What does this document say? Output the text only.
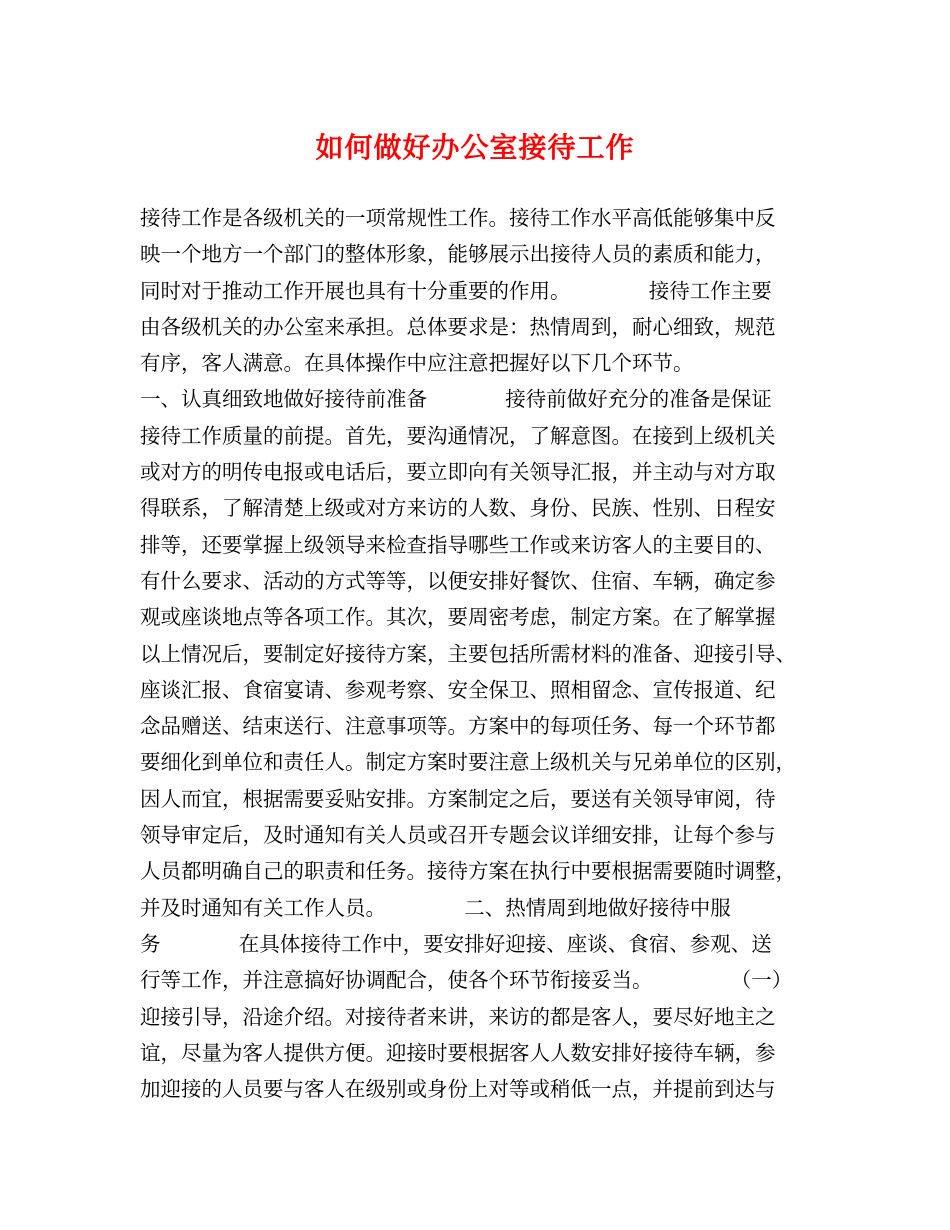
如何做好办公室接待工作
接待工作是各级机关的一项常规性工作。接待工作水平高低能够集中反
映一个地方一个部门的整体形象，能够展示出接待人员的素质和能力，
同时对于推动工作开展也具有十分重要的作用。            接待工作主要
由各级机关的办公室来承担。总体要求是：热情周到，耐心细致，规范
有序，客人满意。在具体操作中应注意把握好以下几个环节。
一、认真细致地做好接待前准备            接待前做好充分的准备是保证
接待工作质量的前提。首先，要沟通情况，了解意图。在接到上级机关
或对方的明传电报或电话后，要立即向有关领导汇报，并主动与对方取
得联系，了解清楚上级或对方来访的人数、身份、民族、性别、日程安
排等，还要掌握上级领导来检查指导哪些工作或来访客人的主要目的、
有什么要求、活动的方式等等，以便安排好餐饮、住宿、车辆，确定参
观或座谈地点等各项工作。其次，要周密考虑，制定方案。在了解掌握
以上情况后，要制定好接待方案，主要包括所需材料的准备、迎接引导、
座谈汇报、食宿宴请、参观考察、安全保卫、照相留念、宣传报道、纪
念品赠送、结束送行、注意事项等。方案中的每项任务、每一个环节都
要细化到单位和责任人。制定方案时要注意上级机关与兄弟单位的区别，
因人而宜，根据需要妥贴安排。方案制定之后，要送有关领导审阅，待
领导审定后，及时通知有关人员或召开专题会议详细安排，让每个参与
人员都明确自己的职责和任务。接待方案在执行中要根据需要随时调整，
并及时通知有关工作人员。            二、热情周到地做好接待中服
务            在具体接待工作中，要安排好迎接、座谈、食宿、参观、送
行等工作，并注意搞好协调配合，使各个环节衔接妥当。            （一）
迎接引导，沿途介绍。对接待者来讲，来访的都是客人，要尽好地主之
谊，尽量为客人提供方便。迎接时要根据客人人数安排好接待车辆，参
加迎接的人员要与客人在级别或身份上对等或稍低一点，并提前到达与
